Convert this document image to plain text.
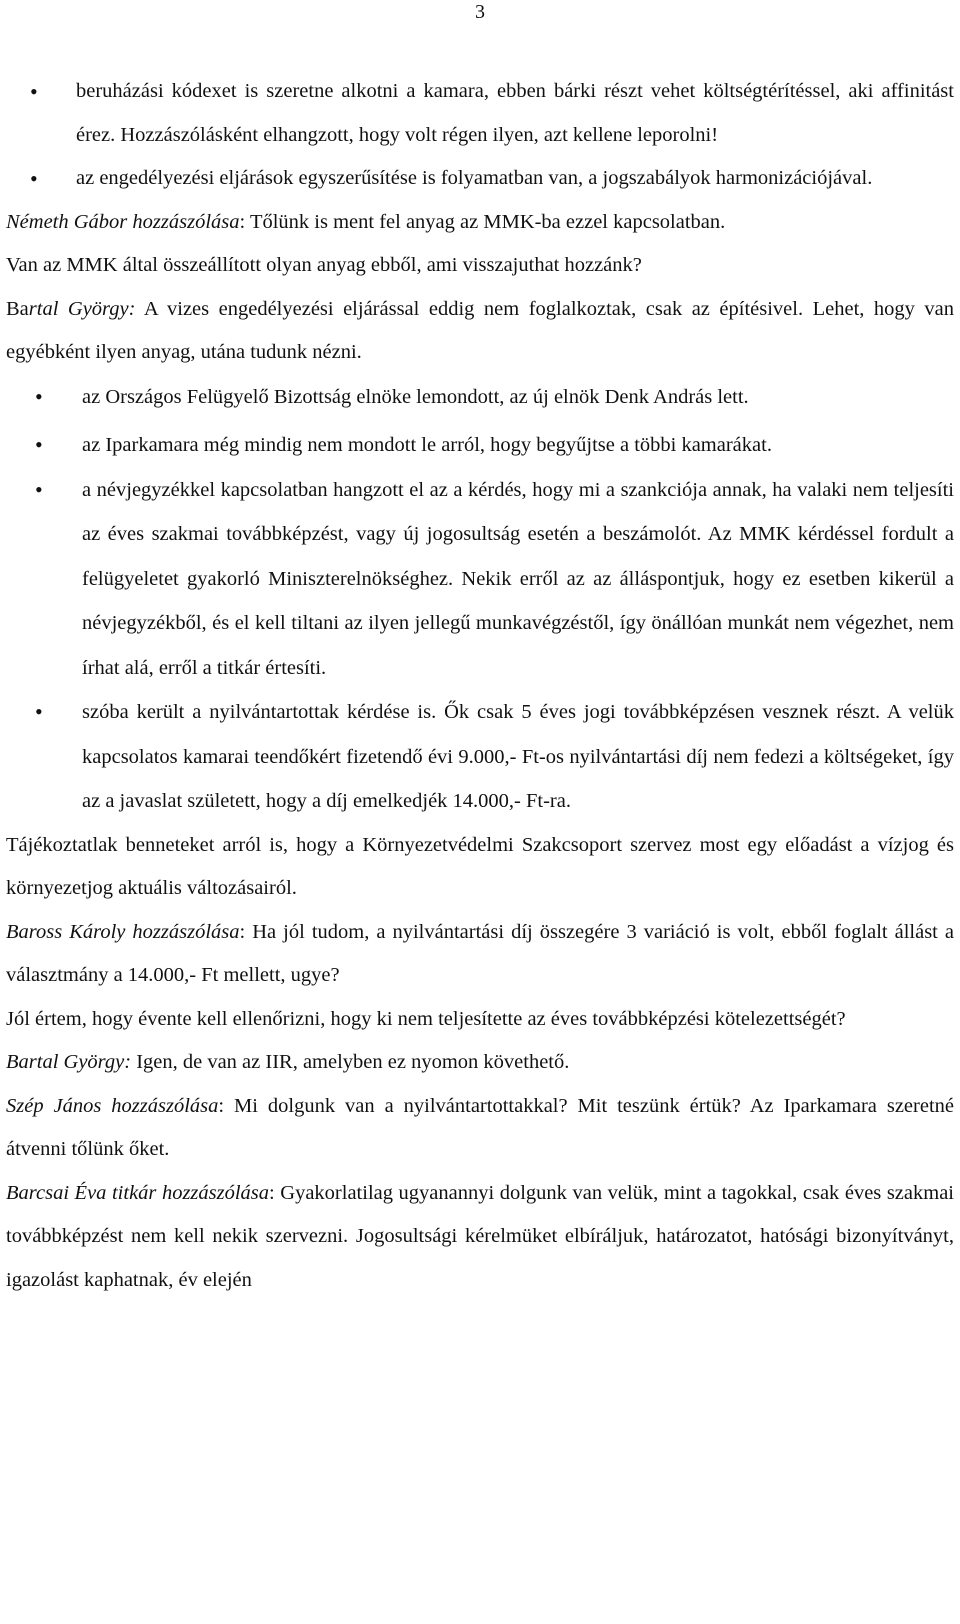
3
• beruházási kódexet is szeretne alkotni a kamara, ebben bárki részt vehet költségtérítéssel, aki affinitást érez. Hozzászólásként elhangzott, hogy volt régen ilyen, azt kellene leporolni!
• az engedélyezési eljárások egyszerűsítése is folyamatban van, a jogszabályok harmonizációjával.

Németh Gábor hozzászólása: Tőlünk is ment fel anyag az MMK-ba ezzel kapcsolatban.
Van az MMK által összeállított olyan anyag ebből, ami visszajuthat hozzánk?

Bartal György: A vizes engedélyezési eljárással eddig nem foglalkoztak, csak az építésivel. Lehet, hogy van egyébként ilyen anyag, utána tudunk nézni.

• az Országos Felügyelő Bizottság elnöke lemondott, az új elnök Denk András lett.
• az Iparkamara még mindig nem mondott le arról, hogy begyűjtse a többi kamarákat.
• a névjegyzékkel kapcsolatban hangzott el az a kérdés, hogy mi a szankciója annak, ha valaki nem teljesíti az éves szakmai továbbképzést, vagy új jogosultság esetén a beszámolót. Az MMK kérdéssel fordult a felügyeletet gyakorló Miniszterelnökséghez. Nekik erről az az álláspontjuk, hogy ez esetben kikerül a névjegyzékből, és el kell tiltani az ilyen jellegű munkavégzéstől, így önállóan munkát nem végezhet, nem írhat alá, erről a titkár értesíti.
• szóba került a nyilvántartottak kérdése is. Ők csak 5 éves jogi továbbképzésen vesznek részt. A velük kapcsolatos kamarai teendőkért fizetendő évi 9.000,- Ft-os nyilvántartási díj nem fedezi a költségeket, így az a javaslat született, hogy a díj emelkedjék 14.000,- Ft-ra.

Tájékoztatlak benneteket arról is, hogy a Környezetvédelmi Szakcsoport szervez most egy előadást a vízjog és környezetjog aktuális változásairól.

Baross Károly hozzászólása: Ha jól tudom, a nyilvántartási díj összegére 3 variáció is volt, ebből foglalt állást a választmány a 14.000,- Ft mellett, ugye?

Jól értem, hogy évente kell ellenőrizni, hogy ki nem teljesítette az éves továbbképzési kötelezettségét?

Bartal György: Igen, de van az IIR, amelyben ez nyomon követhető.

Szép János hozzászólása: Mi dolgunk van a nyilvántartottakkal? Mit teszünk értük? Az Iparkamara szeretné átvenni tőlünk őket.

Barcsai Éva titkár hozzászólása: Gyakorlatilag ugyanannyi dolgunk van velük, mint a tagokkal, csak éves szakmai továbbképzést nem kell nekik szervezni. Jogosultsági kérelmüket elbíráljuk, határozatot, hatósági bizonyítványt, igazolást kaphatnak, év elején
